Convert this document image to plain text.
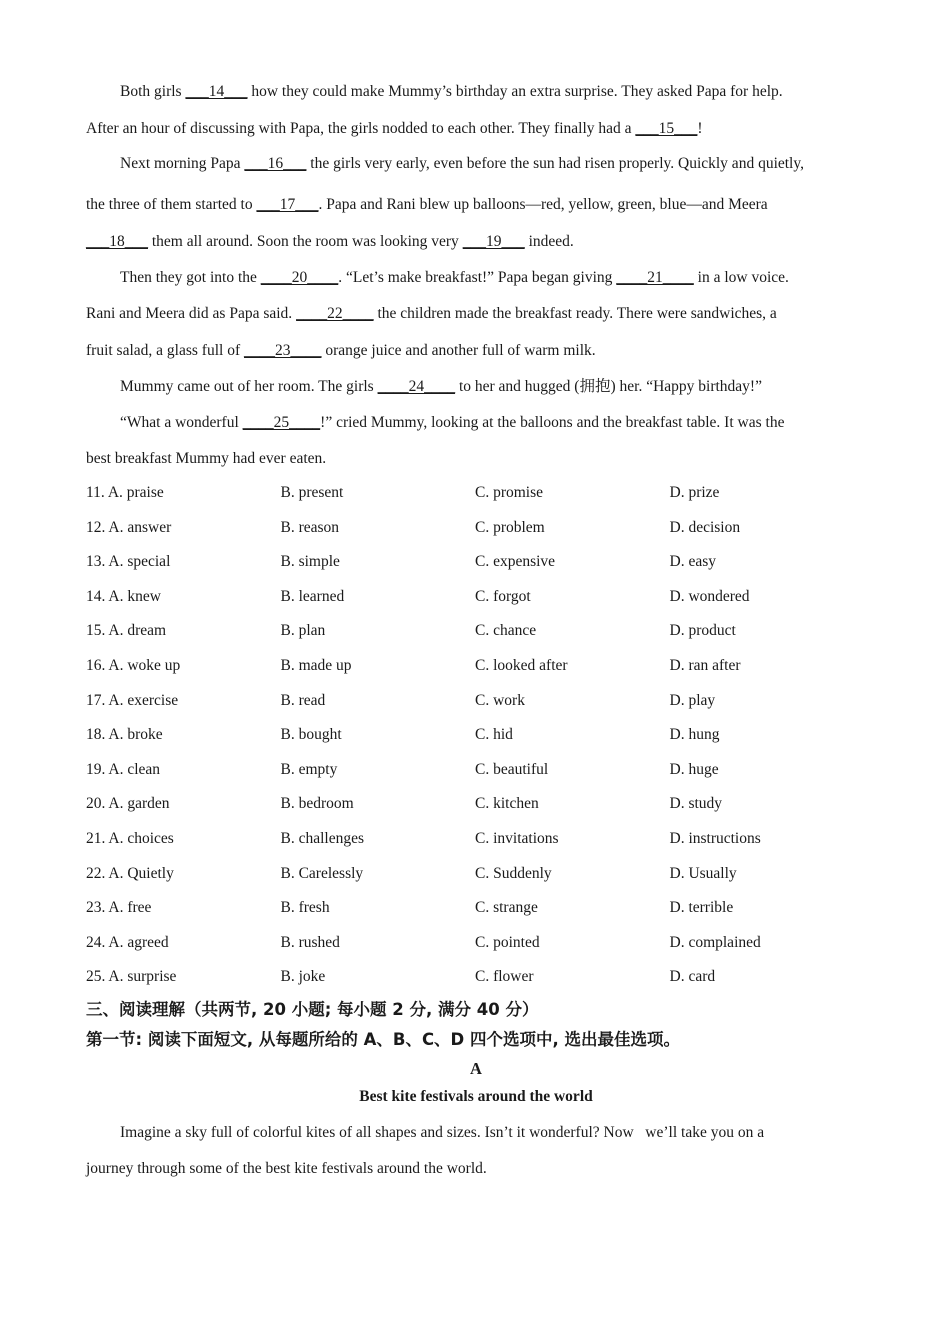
Both girls ___14___ how they could make Mummy’s birthday an extra surprise. They asked Papa for help.
After an hour of discussing with Papa, the girls nodded to each other. They finally had a ___15___!
Next morning Papa ___16___ the girls very early, even before the sun had risen properly. Quickly and quietly,
the three of them started to ___17___. Papa and Rani blew up balloons—red, yellow, green, blue—and Meera
___18___ them all around. Soon the room was looking very ___19___ indeed.
Then they got into the ____20____. “Let’s make breakfast!” Papa began giving ____21____ in a low voice.
Rani and Meera did as Papa said. ____22____ the children made the breakfast ready. There were sandwiches, a
fruit salad, a glass full of ____23____ orange juice and another full of warm milk.
Mummy came out of her room. The girls ____24____ to her and hugged (拥抱) her. “Happy birthday!”
“What a wonderful ____25____!” cried Mummy, looking at the balloons and the breakfast table. It was the
best breakfast Mummy had ever eaten.
11. A. praise	B. present	C. promise	D. prize
12. A. answer	B. reason	C. problem	D. decision
13. A. special	B. simple	C. expensive	D. easy
14. A. knew	B. learned	C. forgot	D. wondered
15. A. dream	B. plan	C. chance	D. product
16. A. woke up	B. made up	C. looked after	D. ran after
17. A. exercise	B. read	C. work	D. play
18. A. broke	B. bought	C. hid	D. hung
19. A. clean	B. empty	C. beautiful	D. huge
20. A. garden	B. bedroom	C. kitchen	D. study
21. A. choices	B. challenges	C. invitations	D. instructions
22. A. Quietly	B. Carelessly	C. Suddenly	D. Usually
23. A. free	B. fresh	C. strange	D. terrible
24. A. agreed	B. rushed	C. pointed	D. complained
25. A. surprise	B. joke	C. flower	D. card
三、阅读理解（共两节, 20 小题; 每小题 2 分, 满分 40 分）
第一节: 阅读下面短文, 从每题所给的 A、B、C、D 四个选项中, 选出最佳选项。
A
Best kite festivals around the world
Imagine a sky full of colorful kites of all shapes and sizes. Isn’t it wonderful? Now   we’ll take you on a
journey through some of the best kite festivals around the world.
